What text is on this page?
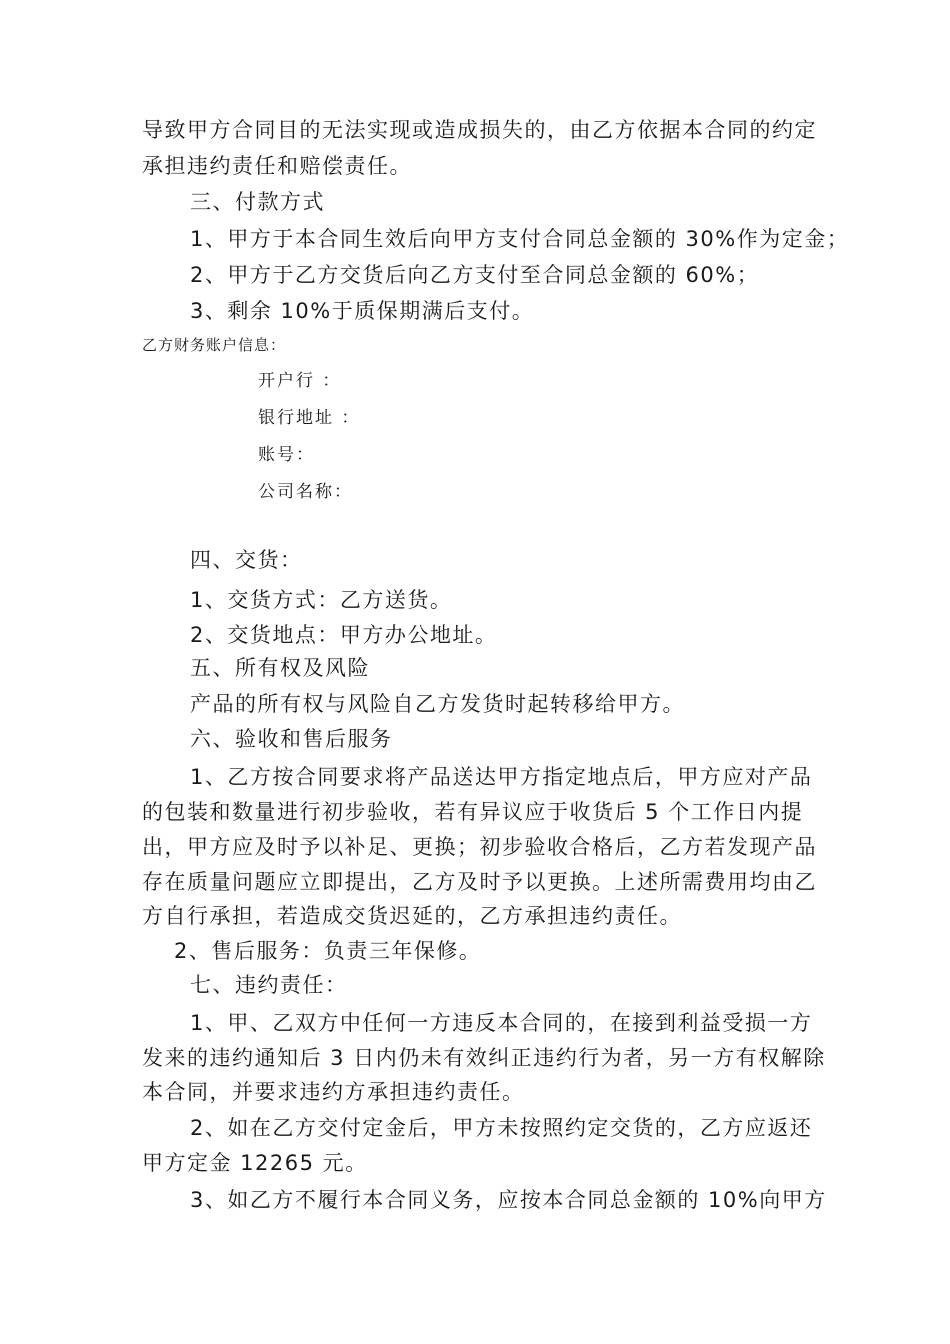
导致甲方合同目的无法实现或造成损失的，由乙方依据本合同的约定
承担违约责任和赔偿责任。
三、付款方式
1、甲方于本合同生效后向甲方支付合同总金额的 30%作为定金；
2、甲方于乙方交货后向乙方支付至合同总金额的 60%；
3、剩余 10%于质保期满后支付。
乙方财务账户信息：
开户行 ：
银行地址 ：
账号：
公司名称：
四、交货：
1、交货方式：乙方送货。
2、交货地点：甲方办公地址。
五、所有权及风险
产品的所有权与风险自乙方发货时起转移给甲方。
六、验收和售后服务
1、乙方按合同要求将产品送达甲方指定地点后，甲方应对产品
的包装和数量进行初步验收，若有异议应于收货后 5 个工作日内提
出，甲方应及时予以补足、更换；初步验收合格后，乙方若发现产品
存在质量问题应立即提出，乙方及时予以更换。上述所需费用均由乙
方自行承担，若造成交货迟延的，乙方承担违约责任。
2、售后服务：负责三年保修。
七、违约责任：
1、甲、乙双方中任何一方违反本合同的，在接到利益受损一方
发来的违约通知后 3 日内仍未有效纠正违约行为者，另一方有权解除
本合同，并要求违约方承担违约责任。
2、如在乙方交付定金后，甲方未按照约定交货的，乙方应返还
甲方定金 12265 元。
3、如乙方不履行本合同义务，应按本合同总金额的 10%向甲方
